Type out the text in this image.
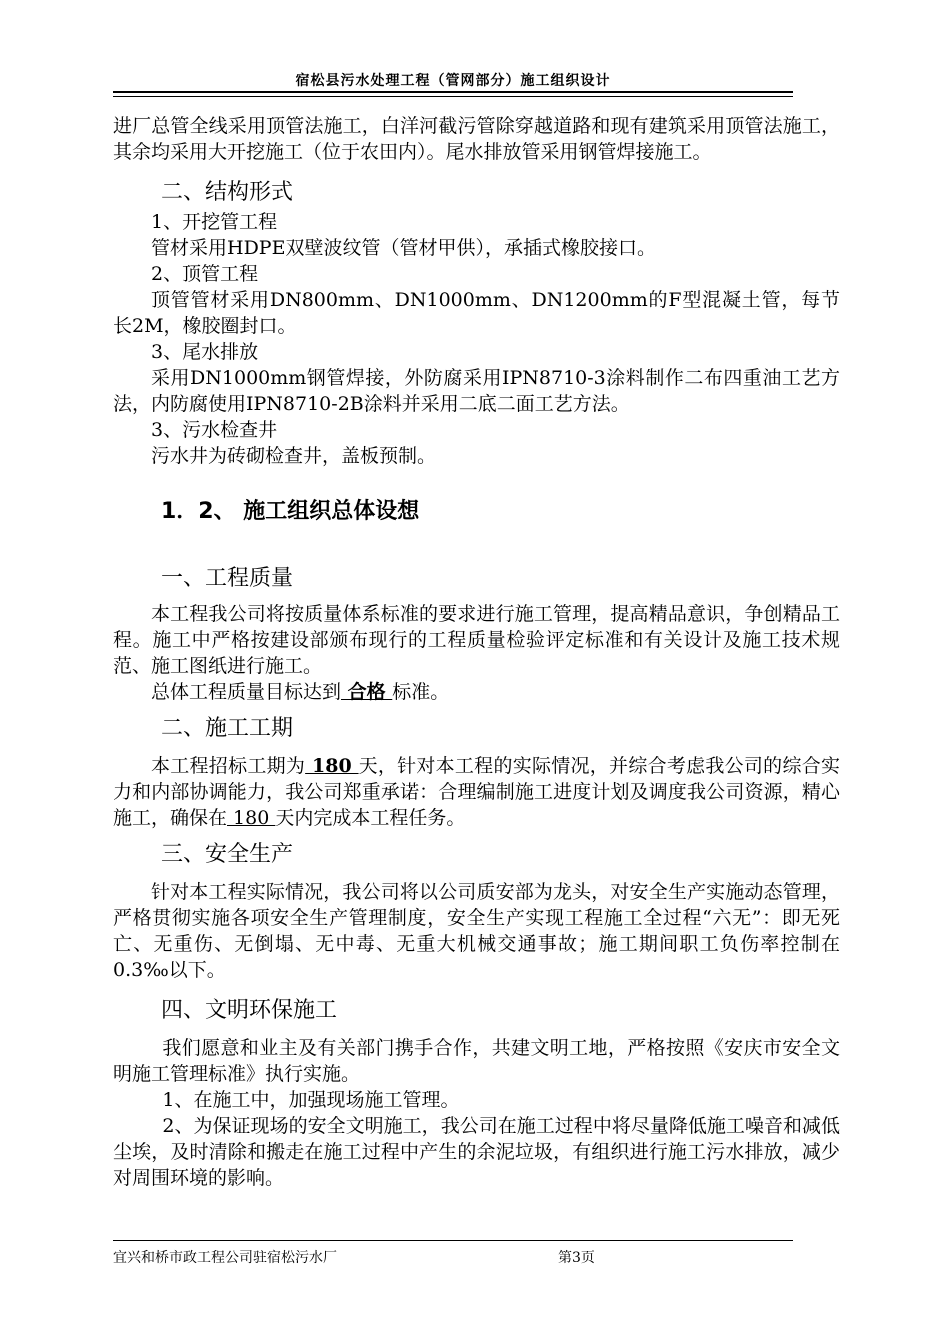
宿松县污水处理工程（管网部分）施工组织设计

进厂总管全线采用顶管法施工，白洋河截污管除穿越道路和现有建筑采用顶管法施工，其余均采用大开挖施工（位于农田内）。尾水排放管采用钢管焊接施工。

二、结构形式

1、开挖管工程

管材采用HDPE双壁波纹管（管材甲供），承插式橡胶接口。

2、顶管工程

顶管管材采用DN800mm、DN1000mm、DN1200mm的F型混凝土管，每节长2M，橡胶圈封口。

3、尾水排放

采用DN1000mm钢管焊接，外防腐采用IPN8710-3涂料制作二布四重油工艺方法，内防腐使用IPN8710-2B涂料并采用二底二面工艺方法。

3、污水检查井

污水井为砖砌检查井，盖板预制。

1．2、 施工组织总体设想

一、工程质量

本工程我公司将按质量体系标准的要求进行施工管理，提高精品意识，争创精品工程。施工中严格按建设部颁布现行的工程质量检验评定标准和有关设计及施工技术规范、施工图纸进行施工。

总体工程质量目标达到 合格 标准。

二、施工工期

本工程招标工期为 180 天，针对本工程的实际情况，并综合考虑我公司的综合实力和内部协调能力，我公司郑重承诺：合理编制施工进度计划及调度我公司资源，精心施工，确保在 180 天内完成本工程任务。

三、安全生产

针对本工程实际情况，我公司将以公司质安部为龙头，对安全生产实施动态管理，严格贯彻实施各项安全生产管理制度，安全生产实现工程施工全过程“六无”：即无死亡、无重伤、无倒塌、无中毒、无重大机械交通事故；施工期间职工负伤率控制在0.3‰以下。

四、文明环保施工

我们愿意和业主及有关部门携手合作，共建文明工地，严格按照《安庆市安全文明施工管理标准》执行实施。

1、在施工中，加强现场施工管理。

2、为保证现场的安全文明施工，我公司在施工过程中将尽量降低施工噪音和减低尘埃，及时清除和搬走在施工过程中产生的余泥垃圾，有组织进行施工污水排放，减少对周围环境的影响。

宜兴和桥市政工程公司驻宿松污水厂	第3页
